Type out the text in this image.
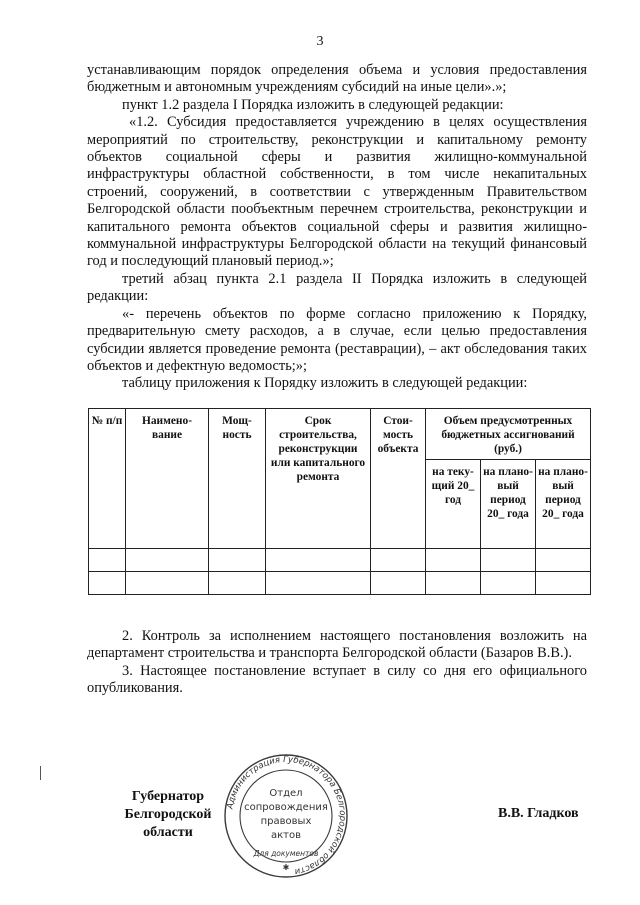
3

устанавливающим порядок определения объема и условия предоставления бюджетным и автономным учреждениям субсидий на иные цели».»;

пункт 1.2 раздела I Порядка изложить в следующей редакции:

«1.2. Субсидия предоставляется учреждению в целях осуществления мероприятий по строительству, реконструкции и капитальному ремонту объектов социальной сферы и развития жилищно-коммунальной инфраструктуры областной собственности, в том числе некапитальных строений, сооружений, в соответствии с утвержденным Правительством Белгородской области пообъектным перечнем строительства, реконструкции и капитального ремонта объектов социальной сферы и развития жилищно-коммунальной инфраструктуры Белгородской области на текущий финансовый год и последующий плановый период.»;

третий абзац пункта 2.1 раздела II Порядка изложить в следующей редакции:

«- перечень объектов по форме согласно приложению к Порядку, предварительную смету расходов, а в случае, если целью предоставления субсидии является проведение ремонта (реставрации), – акт обследования таких объектов и дефектную ведомость;»;

таблицу приложения к Порядку изложить в следующей редакции:

№ п/п	Наимено-вание	Мощ-ность	Срок строительства, реконструкции или капитального ремонта	Стои-мость объекта	Объем предусмотренных бюджетных ассигнований (руб.)		
					на теку-щий 20_ год	на плано-вый период 20_ года	на плано-вый период 20_ года

2. Контроль за исполнением настоящего постановления возложить на департамент строительства и транспорта Белгородской области (Базаров В.В.).

3. Настоящее постановление вступает в силу со дня его официального опубликования.

Губернатор
Белгородской области
Администрация Губернатора Белгородской области
Отдел
сопровождения
правовых
актов
Для документов
✱
В.В. Гладков
